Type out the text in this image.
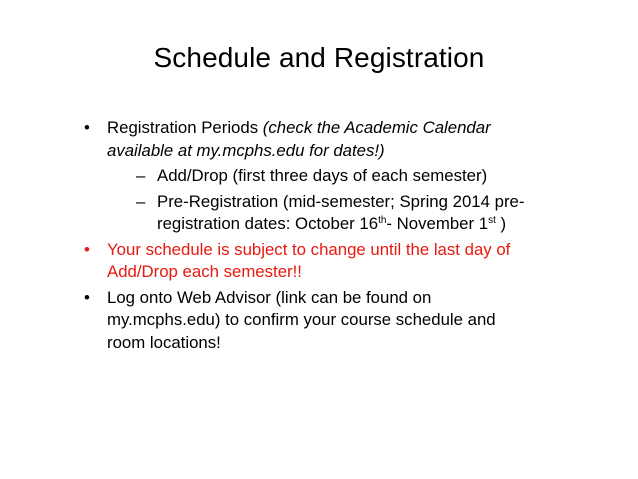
Schedule and Registration
• Registration Periods (check the Academic Calendar available at my.mcphs.edu for dates!)
– Add/Drop (first three days of each semester)
– Pre-Registration (mid-semester; Spring 2014 pre-registration dates: October 16th- November 1st )
• Your schedule is subject to change until the last day of Add/Drop each semester!!
• Log onto Web Advisor (link can be found on my.mcphs.edu) to confirm your course schedule and room locations!
